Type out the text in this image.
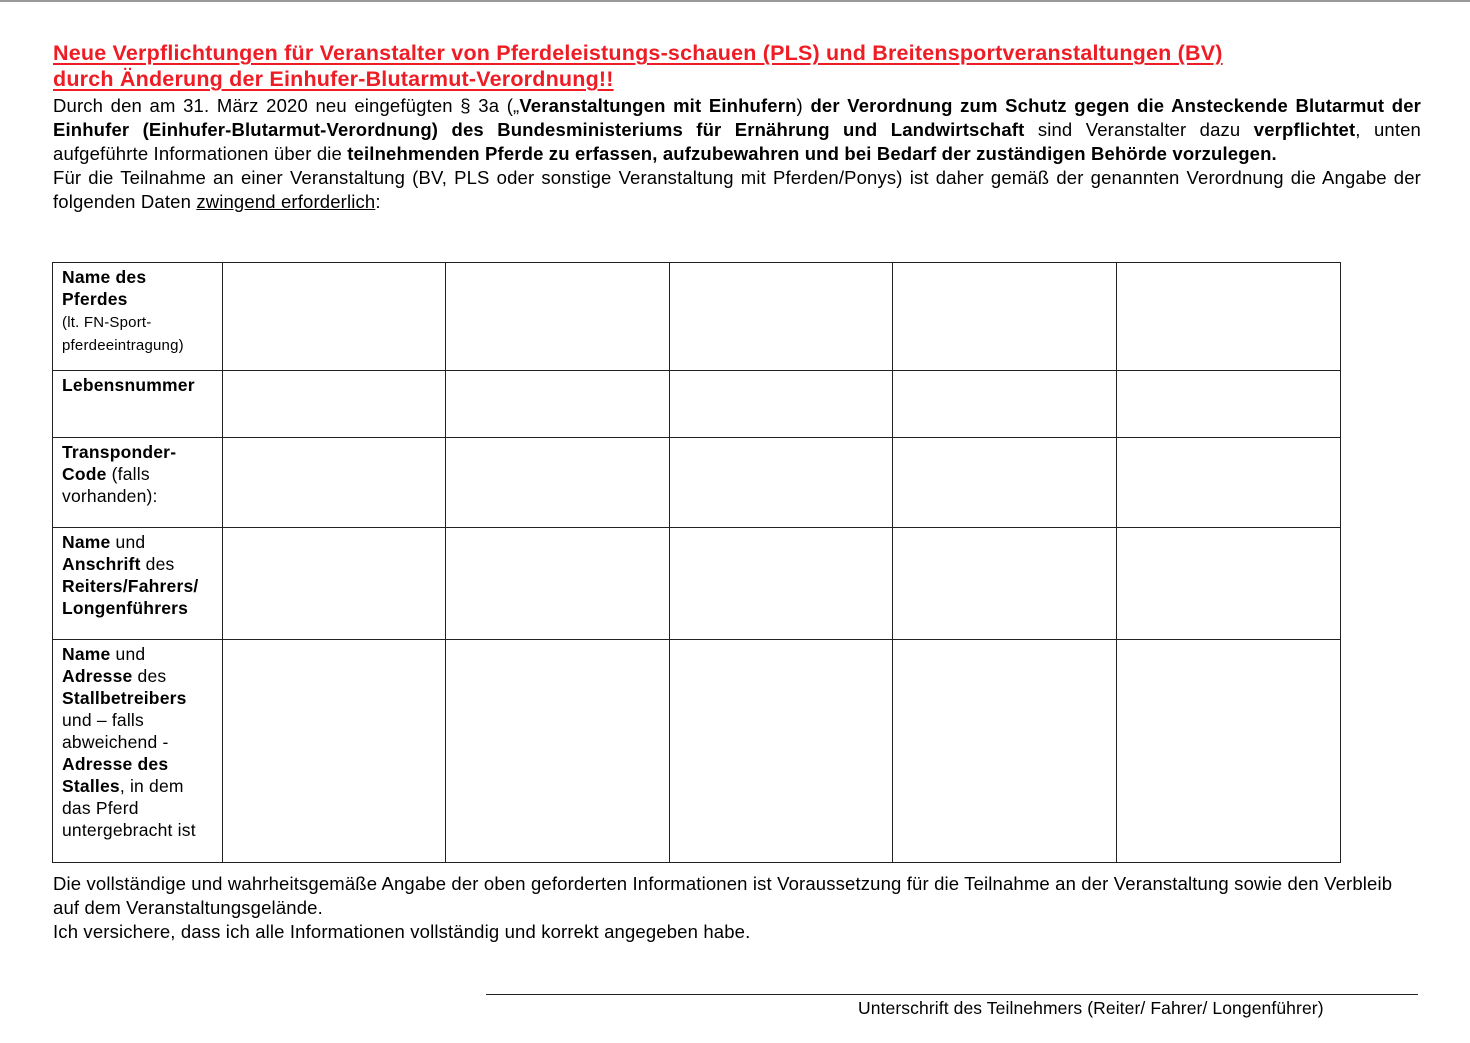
Neue Verpflichtungen für Veranstalter von Pferdeleistungs-schauen (PLS) und Breitensportveranstaltungen (BV)
durch Änderung der Einhufer-Blutarmut-Verordnung!!
Durch den am 31. März 2020 neu eingefügten § 3a („Veranstaltungen mit Einhufern) der Verordnung zum Schutz gegen die Ansteckende Blutarmut der Einhufer (Einhufer-Blutarmut-Verordnung) des Bundesministeriums für Ernährung und Landwirtschaft sind Veranstalter dazu verpflichtet, unten aufgeführte Informationen über die teilnehmenden Pferde zu erfassen, aufzubewahren und bei Bedarf der zuständigen Behörde vorzulegen.
Für die Teilnahme an einer Veranstaltung (BV, PLS oder sonstige Veranstaltung mit Pferden/Ponys) ist daher gemäß der genannten Verordnung die Angabe der folgenden Daten zwingend erforderlich:
Name des Pferdes
(lt. FN-Sport-pferdeeintragung)					
Lebensnummer					
Transponder-Code (falls vorhanden):					
Name und Anschrift des Reiters/Fahrers/ Longenführers					
Name und Adresse des Stallbetreibers und – falls abweichend - Adresse des Stalles, in dem das Pferd untergebracht ist					
Die vollständige und wahrheitsgemäße Angabe der oben geforderten Informationen ist Voraussetzung für die Teilnahme an der Veranstaltung sowie den Verbleib auf dem Veranstaltungsgelände.
Ich versichere, dass ich alle Informationen vollständig und korrekt angegeben habe.
Unterschrift des Teilnehmers (Reiter/ Fahrer/ Longenführer)
